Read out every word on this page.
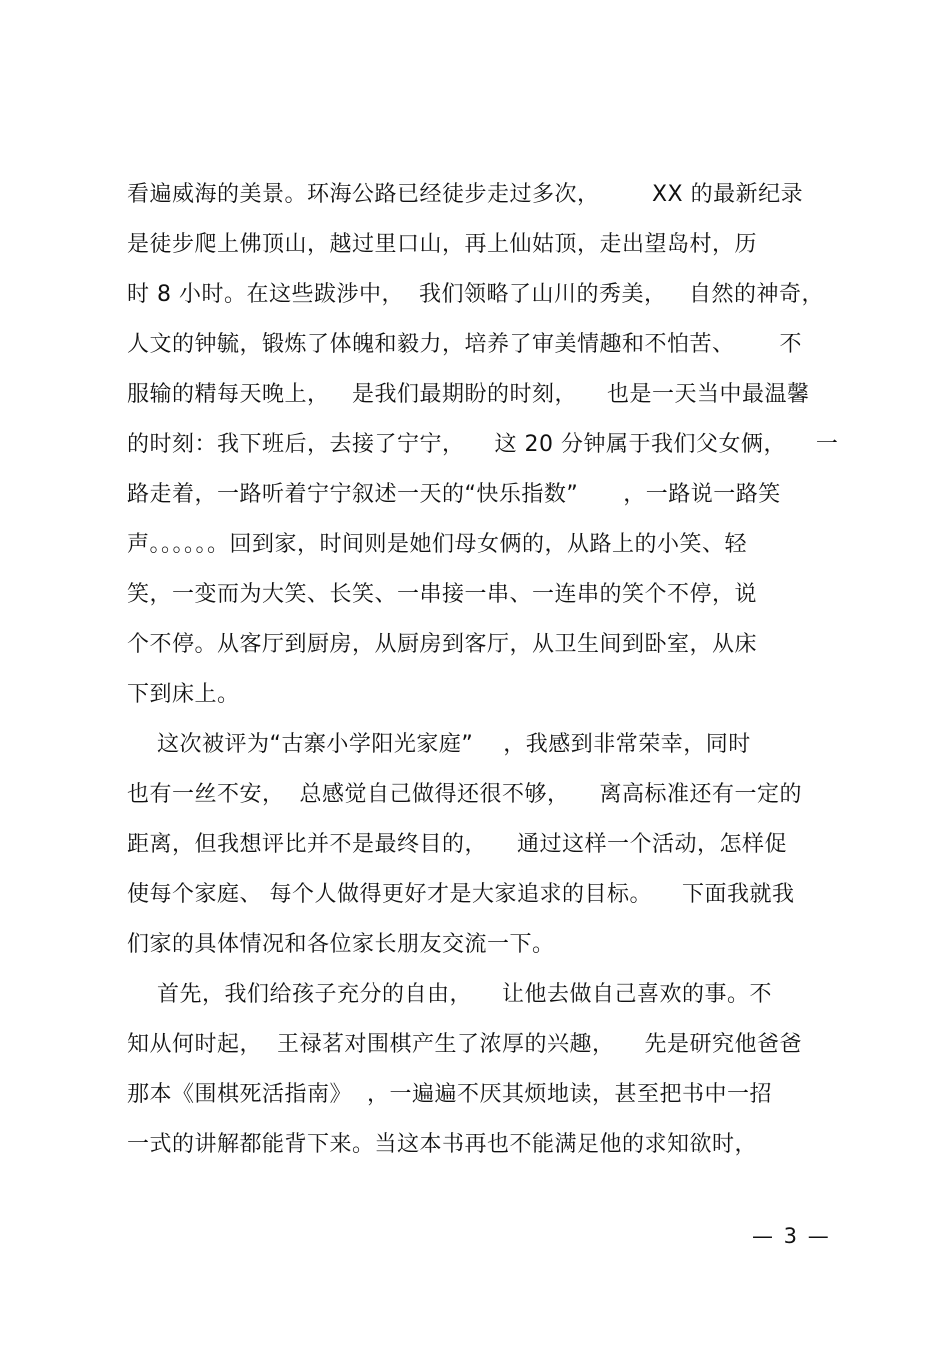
看遍威海的美景。环海公路已经徒步走过多次，       XX 的最新纪录
是徒步爬上佛顶山，越过里口山，再上仙姑顶，走出望岛村，历
时 8 小时。在这些跋涉中，  我们领略了山川的秀美，   自然的神奇，
人文的钟毓，锻炼了体魄和毅力，培养了审美情趣和不怕苦、      不
服输的精每天晚上，   是我们最期盼的时刻，    也是一天当中最温馨
的时刻：我下班后，去接了宁宁，    这 20 分钟属于我们父女俩，    一
路走着，一路听着宁宁叙述一天的“快乐指数”      ，一路说一路笑
声。。。。。。回到家，时间则是她们母女俩的，从路上的小笑、轻
笑，一变而为大笑、长笑、一串接一串、一连串的笑个不停，说
个不停。从客厅到厨房，从厨房到客厅，从卫生间到卧室，从床
下到床上。
这次被评为“古寨小学阳光家庭”    ，我感到非常荣幸，同时
也有一丝不安，  总感觉自己做得还很不够，    离高标准还有一定的
距离，但我想评比并不是最终目的，    通过这样一个活动，怎样促
使每个家庭、 每个人做得更好才是大家追求的目标。    下面我就我
们家的具体情况和各位家长朋友交流一下。
首先，我们给孩子充分的自由，    让他去做自己喜欢的事。不
知从何时起，  王禄茗对围棋产生了浓厚的兴趣，    先是研究他爸爸
那本《围棋死活指南》  ，一遍遍不厌其烦地读，甚至把书中一招
一式的讲解都能背下来。当这本书再也不能满足他的求知欲时，
— 3 —
